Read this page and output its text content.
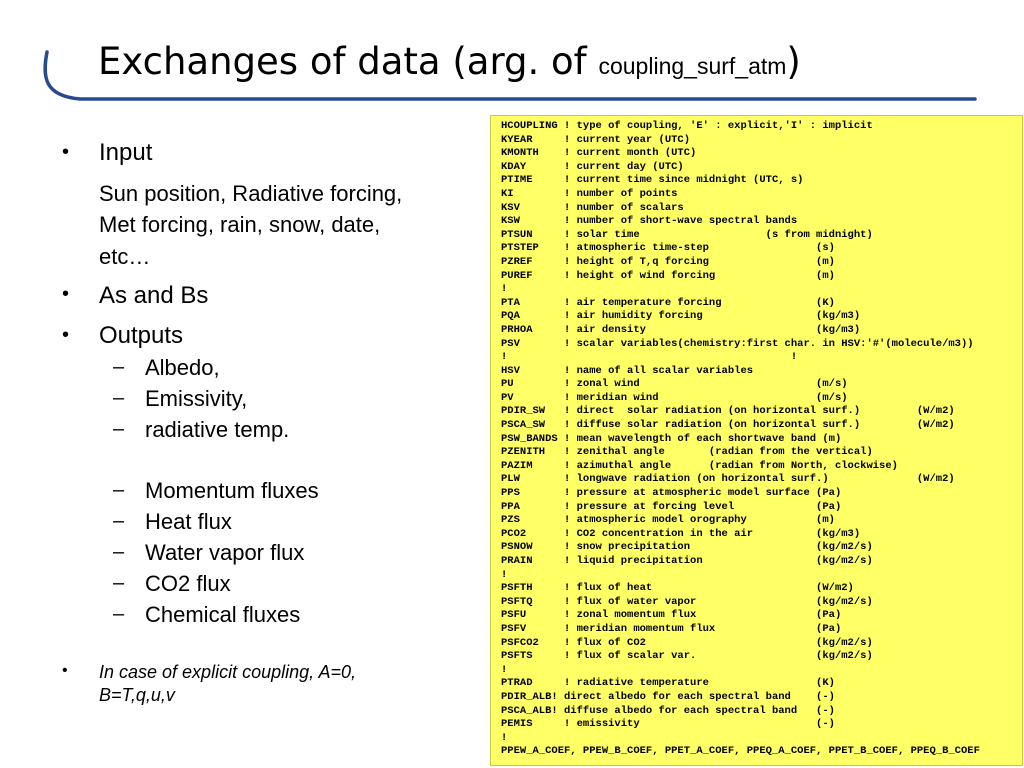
Exchanges of data (arg. of coupling_surf_atm)
• Input
Sun position, Radiative forcing,
Met forcing, rain, snow, date,
etc…
• As and Bs
• Outputs
– Albedo,
– Emissivity,
– radiative temp.
– Momentum fluxes
– Heat flux
– Water vapor flux
– CO2 flux
– Chemical fluxes
• In case of explicit coupling, A=0,
B=T,q,u,v
HCOUPLING ! type of coupling, 'E' : explicit,'I' : implicit
KYEAR     ! current year (UTC)
KMONTH    ! current month (UTC)
KDAY      ! current day (UTC)
PTIME     ! current time since midnight (UTC, s)
KI        ! number of points
KSV       ! number of scalars
KSW       ! number of short-wave spectral bands
PTSUN     ! solar time                    (s from midnight)
PTSTEP    ! atmospheric time-step                 (s)
PZREF     ! height of T,q forcing                 (m)
PUREF     ! height of wind forcing                (m)
!
PTA       ! air temperature forcing               (K)
PQA       ! air humidity forcing                  (kg/m3)
PRHOA     ! air density                           (kg/m3)
PSV       ! scalar variables(chemistry:first char. in HSV:'#'(molecule/m3))
!                                             !
HSV       ! name of all scalar variables
PU        ! zonal wind                            (m/s)
PV        ! meridian wind                         (m/s)
PDIR_SW   ! direct  solar radiation (on horizontal surf.)         (W/m2)
PSCA_SW   ! diffuse solar radiation (on horizontal surf.)         (W/m2)
PSW_BANDS ! mean wavelength of each shortwave band (m)
PZENITH   ! zenithal angle       (radian from the vertical)
PAZIM     ! azimuthal angle      (radian from North, clockwise)
PLW       ! longwave radiation (on horizontal surf.)              (W/m2)
PPS       ! pressure at atmospheric model surface (Pa)
PPA       ! pressure at forcing level             (Pa)
PZS       ! atmospheric model orography           (m)
PCO2      ! CO2 concentration in the air          (kg/m3)
PSNOW     ! snow precipitation                    (kg/m2/s)
PRAIN     ! liquid precipitation                  (kg/m2/s)
!
PSFTH     ! flux of heat                          (W/m2)
PSFTQ     ! flux of water vapor                   (kg/m2/s)
PSFU      ! zonal momentum flux                   (Pa)
PSFV      ! meridian momentum flux                (Pa)
PSFCO2    ! flux of CO2                           (kg/m2/s)
PSFTS     ! flux of scalar var.                   (kg/m2/s)
!
PTRAD     ! radiative temperature                 (K)
PDIR_ALB! direct albedo for each spectral band    (-)
PSCA_ALB! diffuse albedo for each spectral band   (-)
PEMIS     ! emissivity                            (-)
!
PPEW_A_COEF, PPEW_B_COEF, PPET_A_COEF, PPEQ_A_COEF, PPET_B_COEF, PPEQ_B_COEF
